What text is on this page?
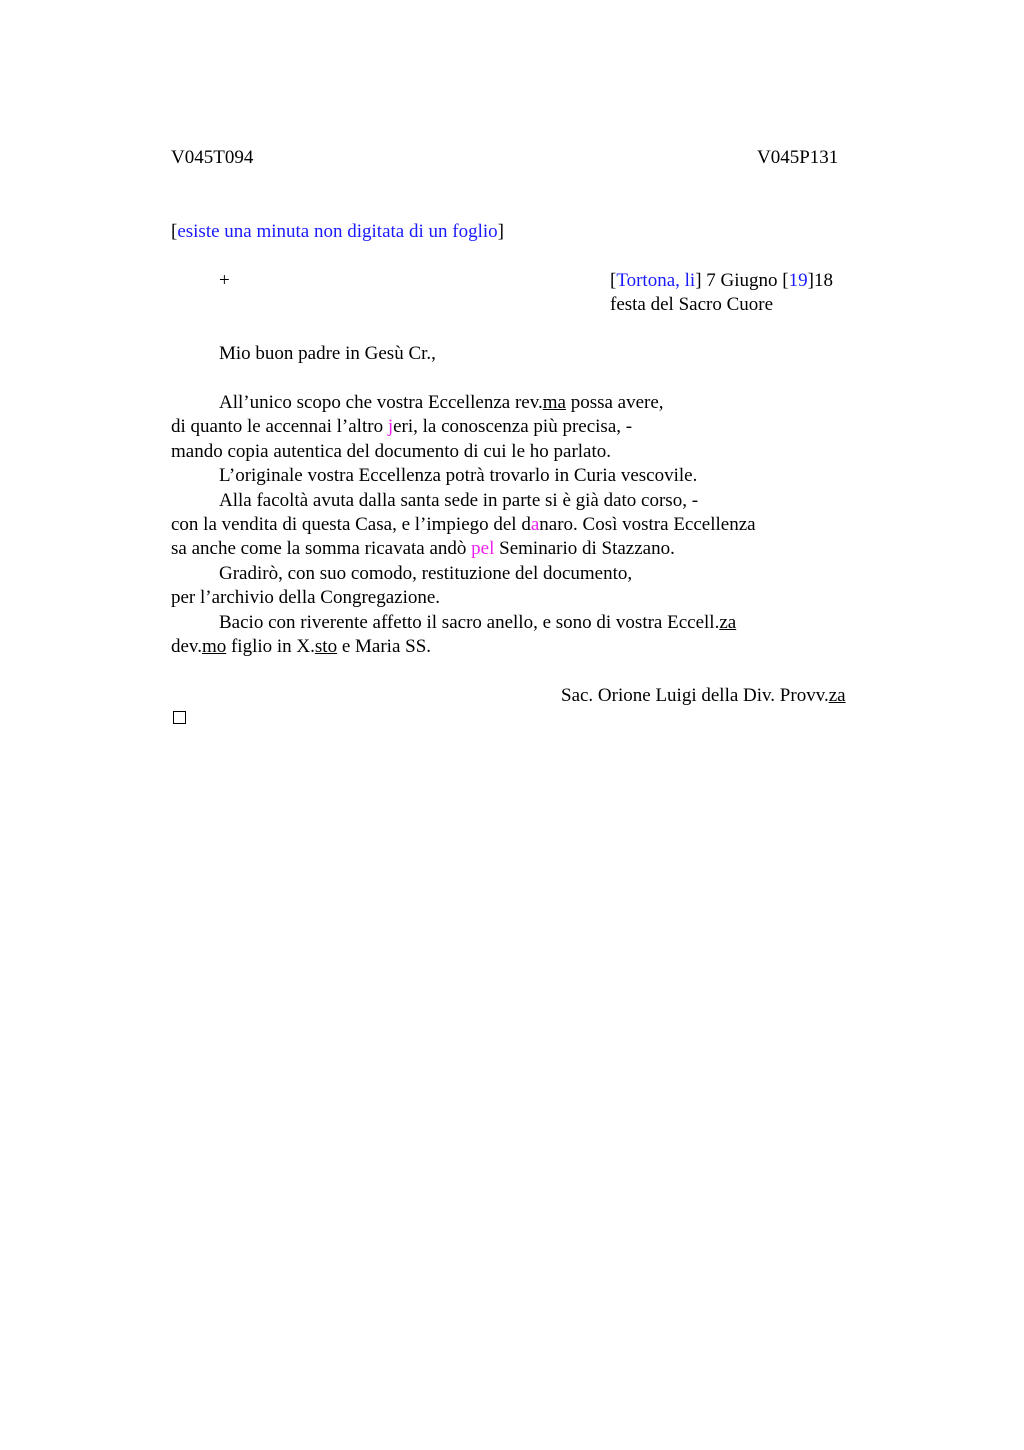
V045T094	V045P131
[esiste una minuta non digitata di un foglio]
+	[Tortona, li] 7 Giugno [19]18
festa del Sacro Cuore
Mio buon padre in Gesù Cr.,
All’unico scopo che vostra Eccellenza rev.ma possa avere,
di quanto le accennai l’altro jeri, la conoscenza più precisa, -
mando copia autentica del documento di cui le ho parlato.
L’originale vostra Eccellenza potrà trovarlo in Curia vescovile.
Alla facoltà avuta dalla santa sede in parte si è già dato corso, -
con la vendita di questa Casa, e l’impiego del danaro. Così vostra Eccellenza
sa anche come la somma ricavata andò pel Seminario di Stazzano.
Gradirò, con suo comodo, restituzione del documento,
per l’archivio della Congregazione.
Bacio con riverente affetto il sacro anello, e sono di vostra Eccell.za
dev.mo figlio in X.sto e Maria SS.
Sac. Orione Luigi della Div. Provv.za
